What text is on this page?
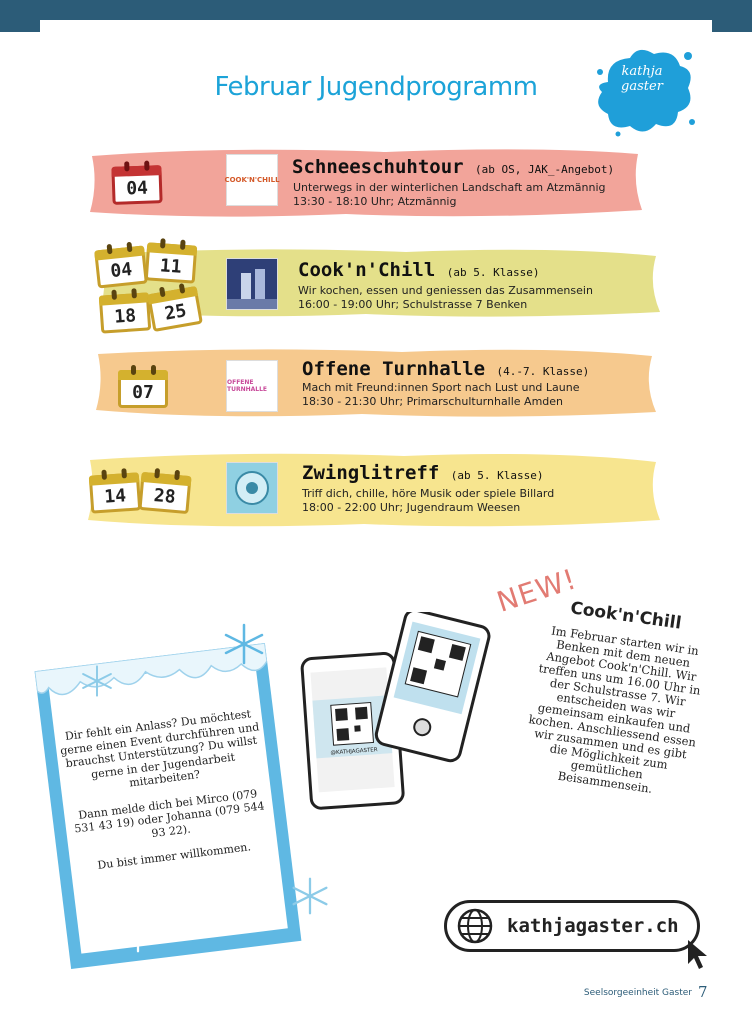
Februar Jugendprogramm
kathja
gaster
04	COOK'N'CHILL
Schneeschuhtour (ab OS, JAK_-Angebot)
Unterwegs in der winterlichen Landschaft am Atzmännig
13:30 - 18:10 Uhr; Atzmännig
04	11
18	25
Cook'n'Chill (ab 5. Klasse)
Wir kochen, essen und geniessen das Zusammensein
16:00 - 19:00 Uhr; Schulstrasse 7 Benken
07	OFFENE TURNHALLE
Offene Turnhalle (4.-7. Klasse)
Mach mit Freund:innen Sport nach Lust und Laune
18:30 - 21:30 Uhr; Primarschulturnhalle Amden
14	28
Zwinglitreff (ab 5. Klasse)
Triff dich, chille, höre Musik oder spiele Billard
18:00 - 22:00 Uhr; Jugendraum Weesen

Dir fehlt ein Anlass? Du möchtest gerne einen Event durchführen und brauchst Unterstützung? Du willst gerne in der Jugendarbeit mitarbeiten?

Dann melde dich bei Mirco (079 531 43 19) oder Johanna (079 544 93 22).

Du bist immer willkommen.

@KATHJAGASTER
NEW!
Cook'n'Chill
Im Februar starten wir in Benken mit dem neuen Angebot Cook'n'Chill. Wir treffen uns um 16.00 Uhr in der Schulstrasse 7. Wir entscheiden was wir gemeinsam einkaufen und kochen. Anschliessend essen wir zusammen und es gibt die Möglichkeit zum gemütlichen Beisammensein.
kathjagaster.ch
Seelsorgeeinheit Gaster 7
